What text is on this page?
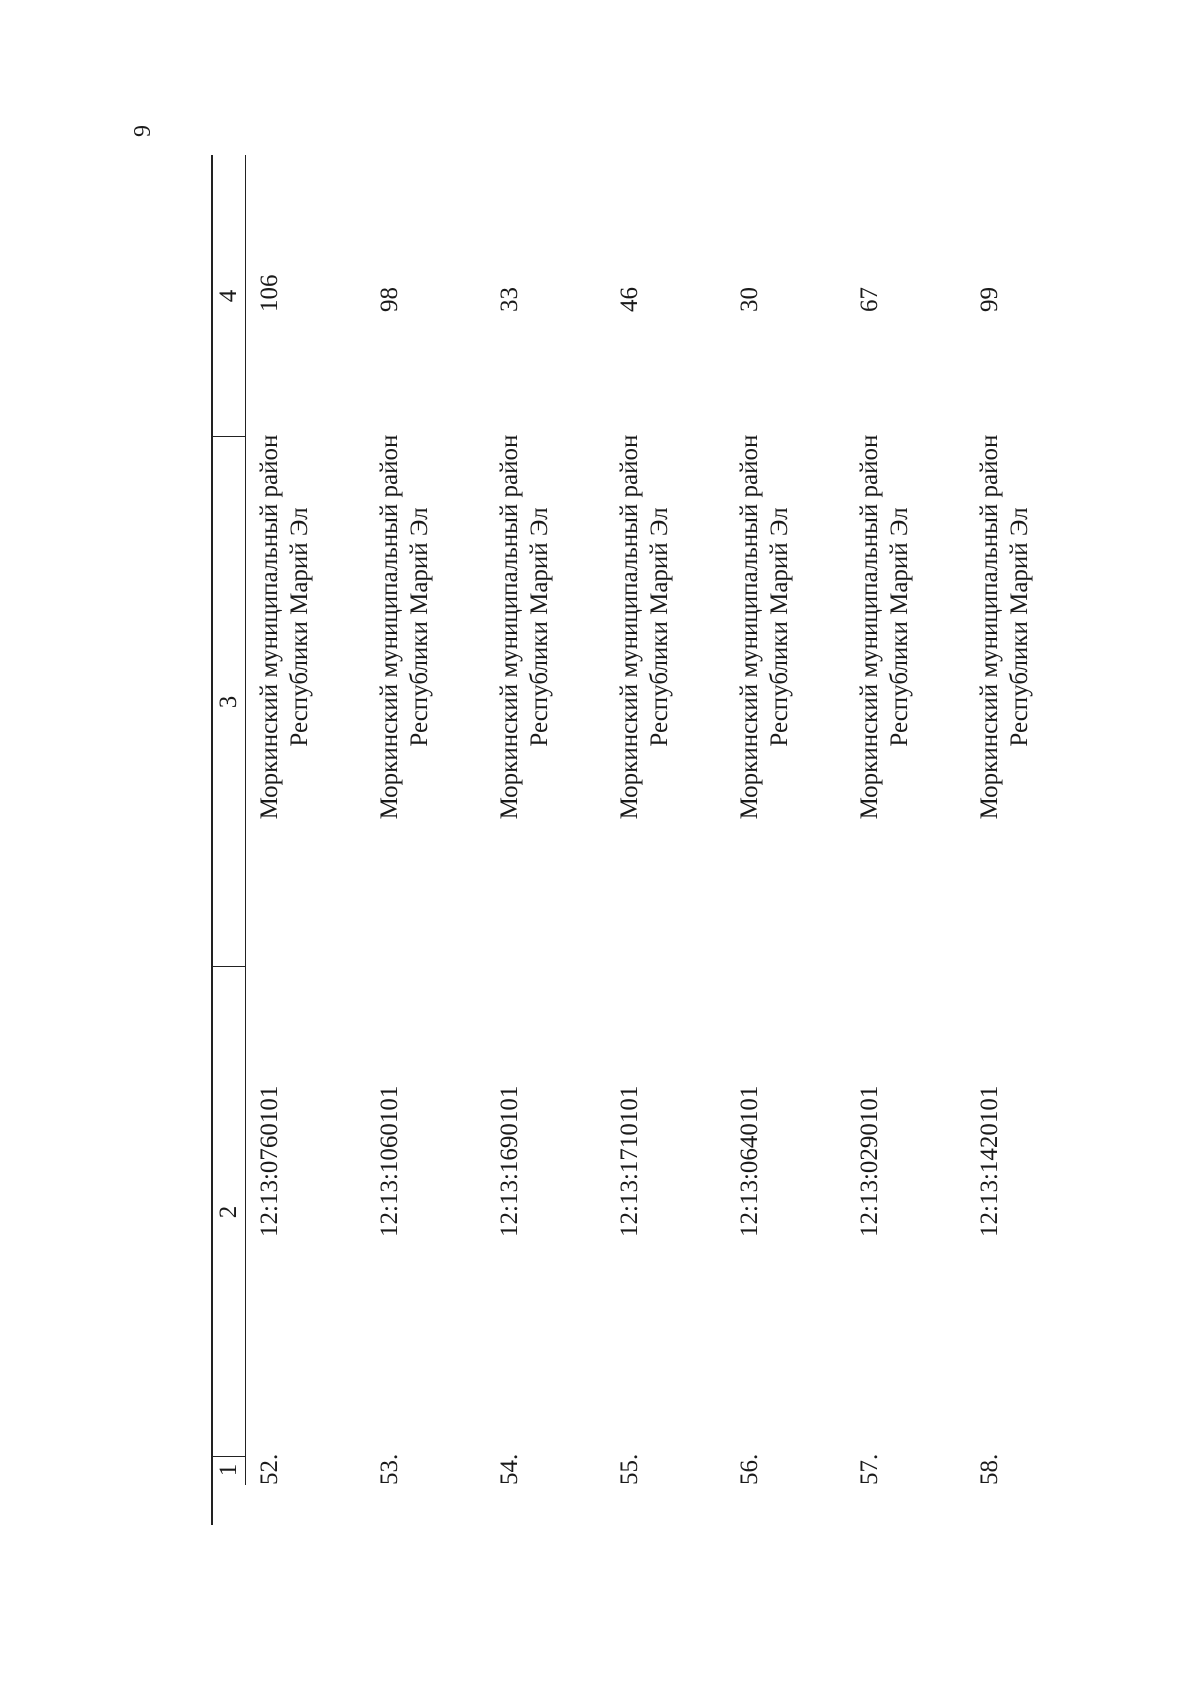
9
1
2
3
4
52.
12:13:0760101
Моркинский муниципальный район Республики Марий Эл
106
53.
12:13:1060101
Моркинский муниципальный район Республики Марий Эл
98
54.
12:13:1690101
Моркинский муниципальный район Республики Марий Эл
33
55.
12:13:1710101
Моркинский муниципальный район Республики Марий Эл
46
56.
12:13:0640101
Моркинский муниципальный район Республики Марий Эл
30
57.
12:13:0290101
Моркинский муниципальный район Республики Марий Эл
67
58.
12:13:1420101
Моркинский муниципальный район Республики Марий Эл
99
